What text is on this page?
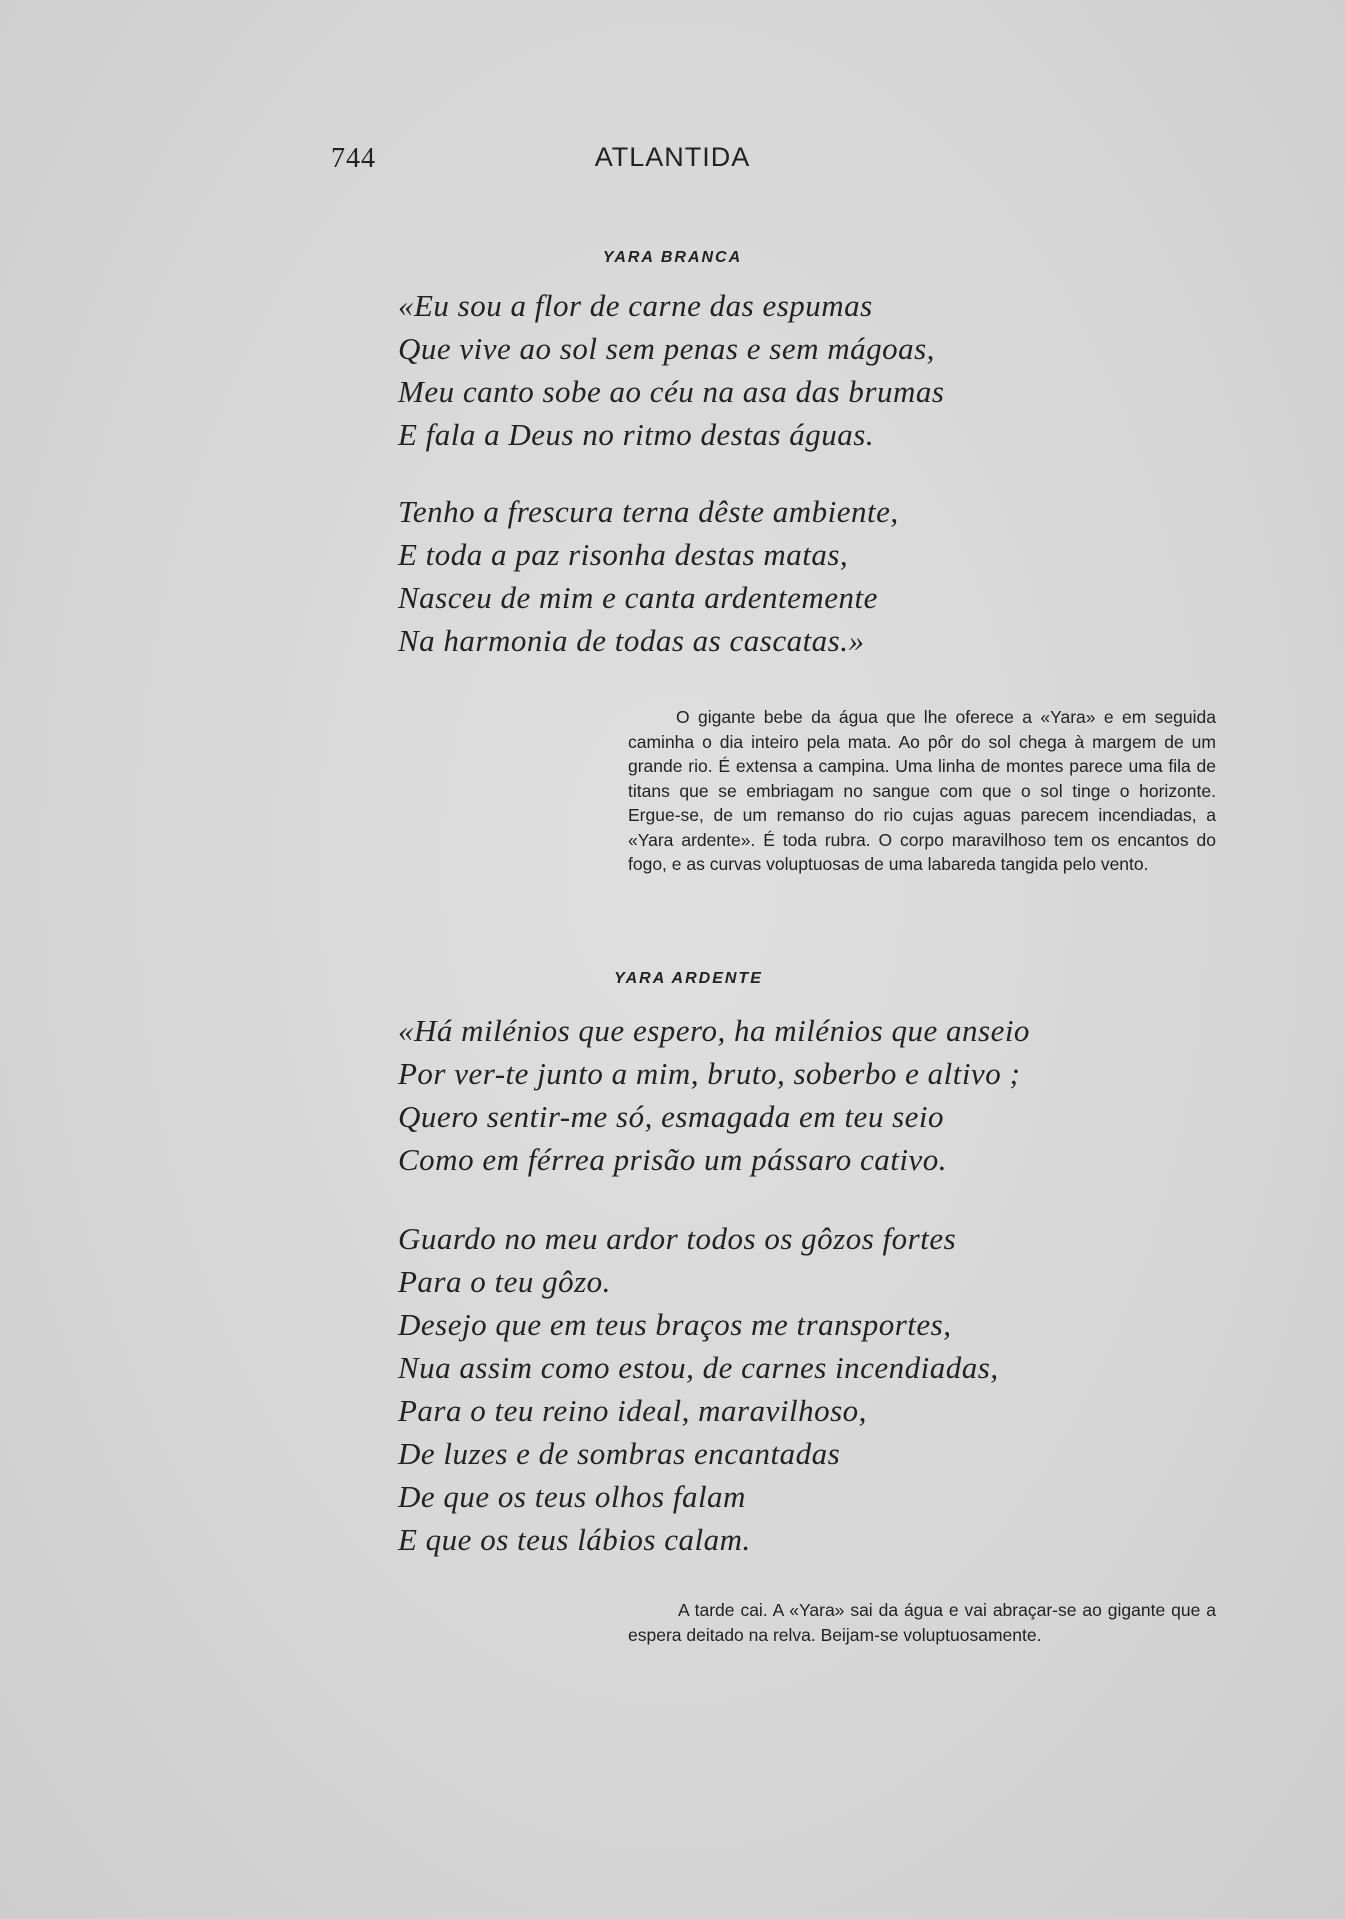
744	ATLANTIDA
YARA BRANCA
«Eu sou a flor de carne das espumas
Que vive ao sol sem penas e sem mágoas,
Meu canto sobe ao céu na asa das brumas
E fala a Deus no ritmo destas águas.
Tenho a frescura terna dêste ambiente,
E toda a paz risonha destas matas,
Nasceu de mim e canta ardentemente
Na harmonia de todas as cascatas.»
O gigante bebe da água que lhe oferece a «Yara» e em seguida caminha o dia inteiro pela mata. Ao pôr do sol chega à margem de um grande rio. É extensa a campina. Uma linha de montes parece uma fila de titans que se embriagam no sangue com que o sol tinge o horizonte. Ergue-se, de um remanso do rio cujas aguas parecem incendiadas, a «Yara ardente». É toda rubra. O corpo maravilhoso tem os encantos do fogo, e as curvas voluptuosas de uma labareda tangida pelo vento.
YARA ARDENTE
«Há milénios que espero, ha milénios que anseio
Por ver-te junto a mim, bruto, soberbo e altivo ;
Quero sentir-me só, esmagada em teu seio
Como em férrea prisão um pássaro cativo.
Guardo no meu ardor todos os gôzos fortes
Para o teu gôzo.
Desejo que em teus braços me transportes,
Nua assim como estou, de carnes incendiadas,
Para o teu reino ideal, maravilhoso,
De luzes e de sombras encantadas
De que os teus olhos falam
E que os teus lábios calam.
A tarde cai. A «Yara» sai da água e vai abraçar-se ao gigante que a espera deitado na relva. Beijam-se voluptuosamente.
